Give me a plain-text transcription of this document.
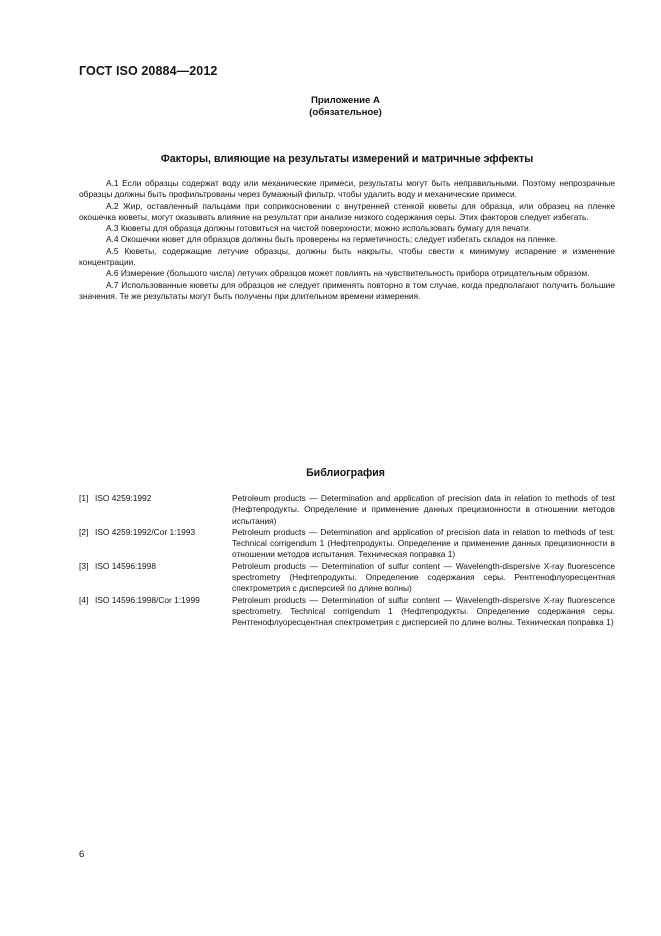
ГОСТ ISO 20884—2012
Приложение А
(обязательное)
Факторы, влияющие на результаты измерений и матричные эффекты

А.1 Если образцы содержат воду или механические примеси, результаты могут быть неправильными. Поэтому непрозрачные образцы должны быть профильтрованы через бумажный фильтр, чтобы удалить воду и механические примеси.

А.2 Жир, оставленный пальцами при соприкосновении с внутренней стенкой кюветы для образца, или образец на пленке окошечка кюветы, могут оказывать влияние на результат при анализе низкого содержания серы. Этих факторов следует избегать.

А.3 Кюветы для образца должны готовиться на чистой поверхности; можно использовать бумагу для печати.

А.4 Окошечки кювет для образцов должны быть проверены на герметичность; следует избегать складок на пленке.

А.5 Кюветы, содержащие летучие образцы, должны быть накрыты, чтобы свести к минимуму испарение и изменение концентрации.

А.6 Измерение (большого числа) летучих образцов может повлиять на чувствительность прибора отрицательным образом.

А.7 Использованные кюветы для образцов не следует применять повторно в том случае, когда предполагают получить большие значения. Те же результаты могут быть получены при длительном времени измерения.

Библиография
[1] ISO 4259:1992	Petroleum products — Determination and application of precision data in relation to methods of test (Нефтепродукты. Определение и применение данных прецизионности в отношении методов испытания)
[2] ISO 4259:1992/Cor 1:1993	Petroleum products — Determination and application of precision data in relation to methods of test. Technical corrigendum 1 (Нефтепродукты. Определение и применение данных прецизионности в отношении методов испытания. Техническая поправка 1)
[3] ISO 14596:1998	Petroleum products — Determination of sulfur content — Wavelength-dispersive X-ray fluorescence spectrometry (Нефтепродукты. Определение содержания серы. Рентгенофлуоресцентная спектрометрия с дисперсией по длине волны)
[4] ISO 14596:1998/Cor 1:1999	Petroleum products — Determination of sulfur content — Wavelength-dispersive X-ray fluorescence spectrometry. Technical corrigendum 1 (Нефтепродукты. Определение содержания серы. Рентгенофлуоресцентная спектрометрия с дисперсией по длине волны. Техническая поправка 1)
6
